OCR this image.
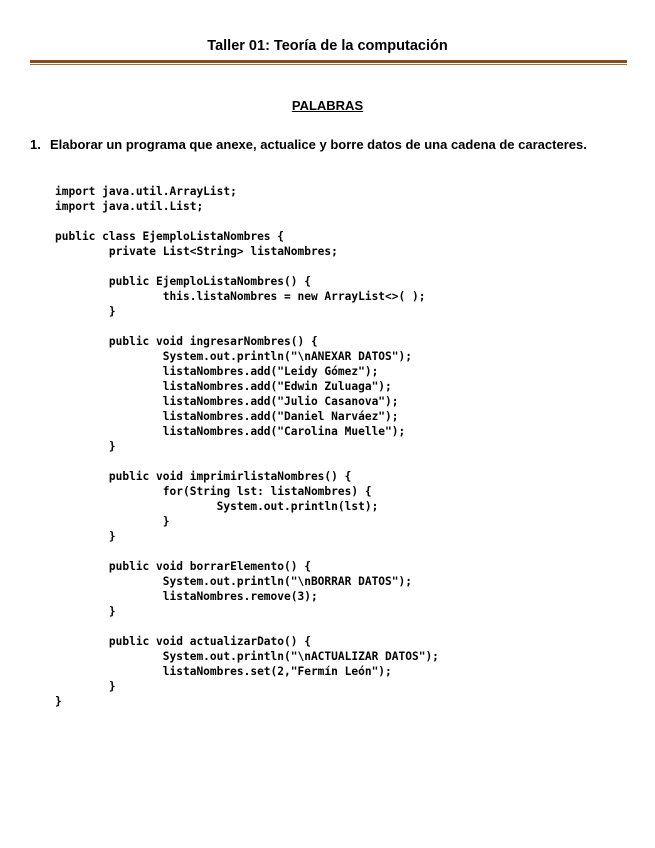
Taller 01: Teoría de la computación
PALABRAS
1. Elaborar un programa que anexe, actualice y borre datos de una cadena de caracteres.
import java.util.ArrayList;
import java.util.List;
public class EjemploListaNombres {
private List<String> listaNombres;
public EjemploListaNombres() {
this.listaNombres = new ArrayList<>( );
}
public void ingresarNombres() {
System.out.println("\nANEXAR DATOS");
listaNombres.add("Leidy Gómez");
listaNombres.add("Edwin Zuluaga");
listaNombres.add("Julio Casanova");
listaNombres.add("Daniel Narváez");
listaNombres.add("Carolina Muelle");
}
public void imprimirlistaNombres() {
for(String lst: listaNombres) {
System.out.println(lst);
}
}
public void borrarElemento() {
System.out.println("\nBORRAR DATOS");
listaNombres.remove(3);
}
public void actualizarDato() {
System.out.println("\nACTUALIZAR DATOS");
listaNombres.set(2,"Fermín León");
}
}
